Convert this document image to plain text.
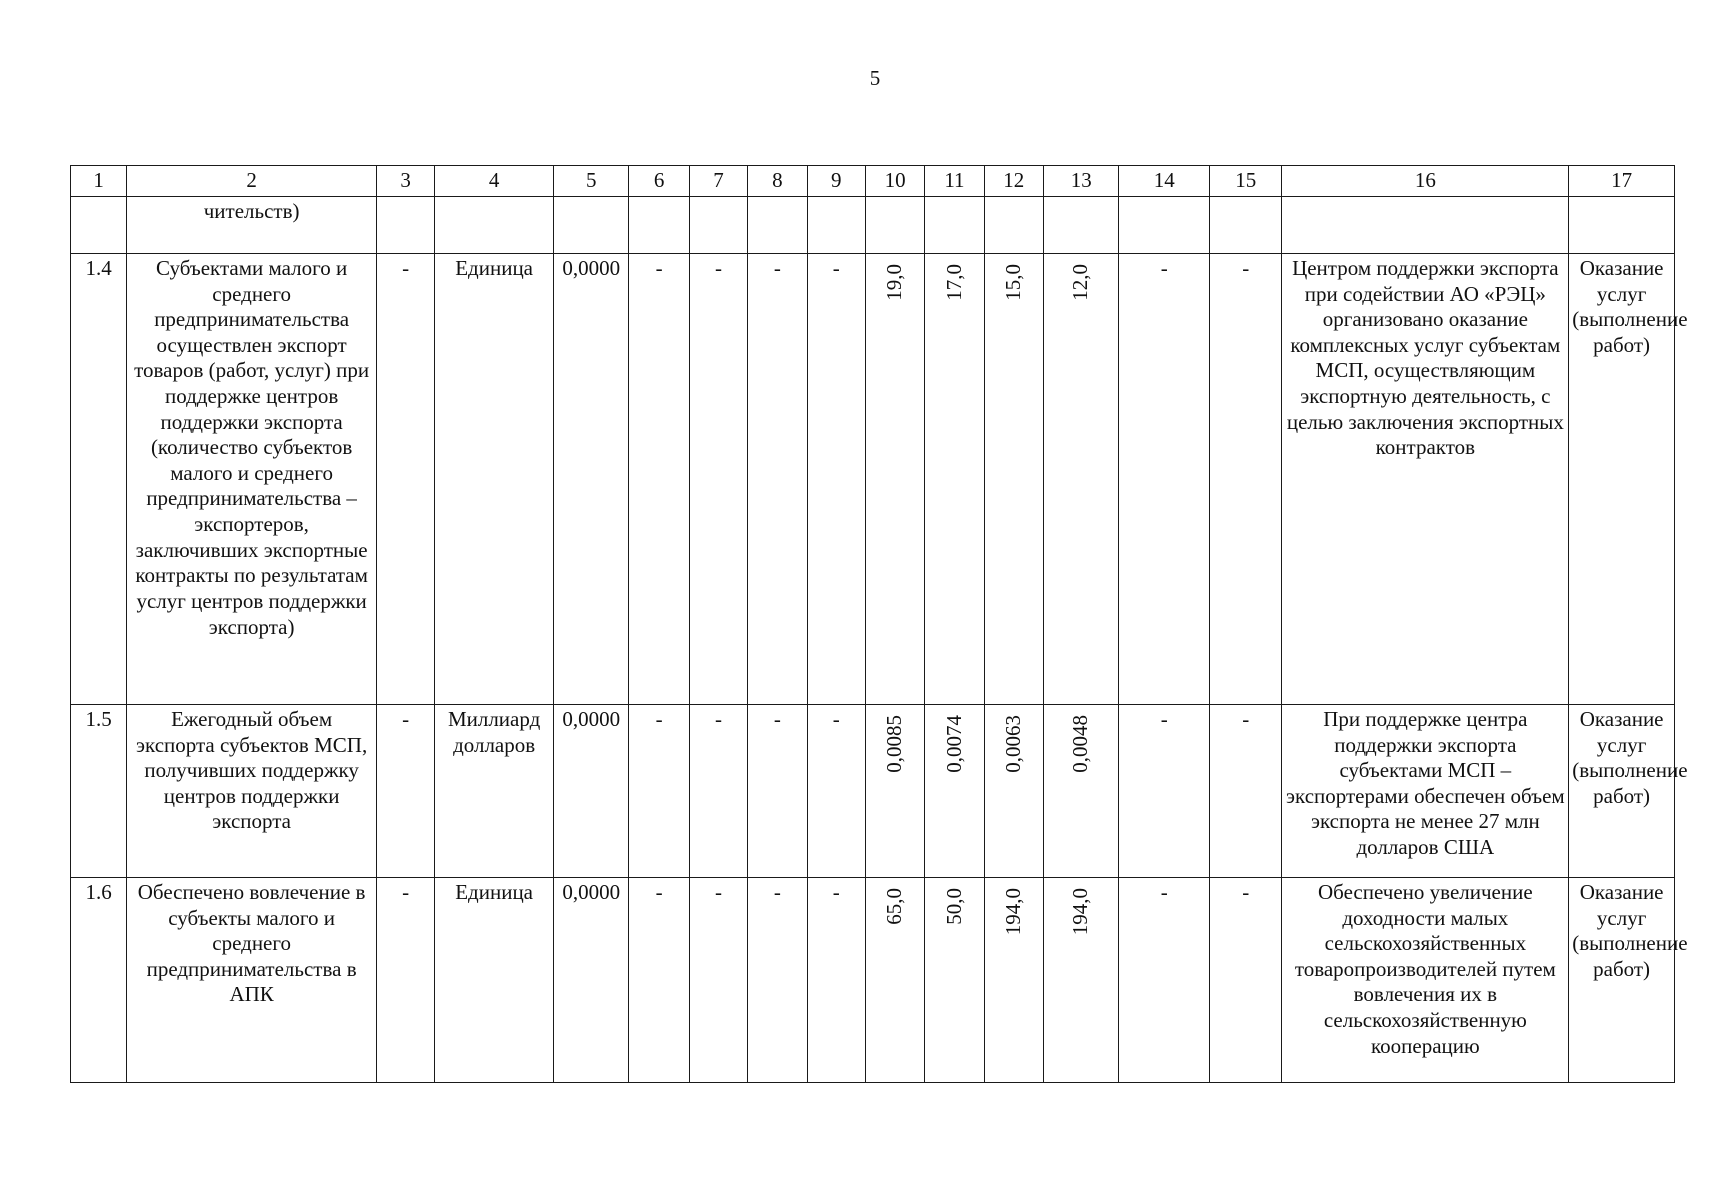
5
1	2	3	4	5	6	7	8	9	10	11	12	13	14	15	16	17
	чительств)															
1.4	Субъектами малого и среднего предпринимательства осуществлен экспорт товаров (работ, услуг) при поддержке центров поддержки экспорта (количество субъектов малого и среднего предпринимательства – экспортеров, заключивших экспортные контракты по результатам услуг центров поддержки экспорта)	-	Единица	0,0000	-	-	-	-	19,0	17,0	15,0	12,0	-	-	Центром поддержки экспорта при содействии АО «РЭЦ» организовано оказание комплексных услуг субъектам МСП, осуществляющим экспортную деятельность, с целью заключения экспортных контрактов	Оказание услуг (выполнение работ)
1.5	Ежегодный объем экспорта субъектов МСП, получивших поддержку центров поддержки экспорта	-	Миллиард долларов	0,0000	-	-	-	-	0,0085	0,0074	0,0063	0,0048	-	-	При поддержке центра поддержки экспорта субъектами МСП – экспортерами обеспечен объем экспорта не менее 27 млн долларов США	Оказание услуг (выполнение работ)
1.6	Обеспечено вовлечение в субъекты малого и среднего предпринимательства в АПК	-	Единица	0,0000	-	-	-	-	65,0	50,0	194,0	194,0	-	-	Обеспечено увеличение доходности малых сельскохозяйственных товаропроизводителей путем вовлечения их в сельскохозяйственную кооперацию	Оказание услуг (выполнение работ)
